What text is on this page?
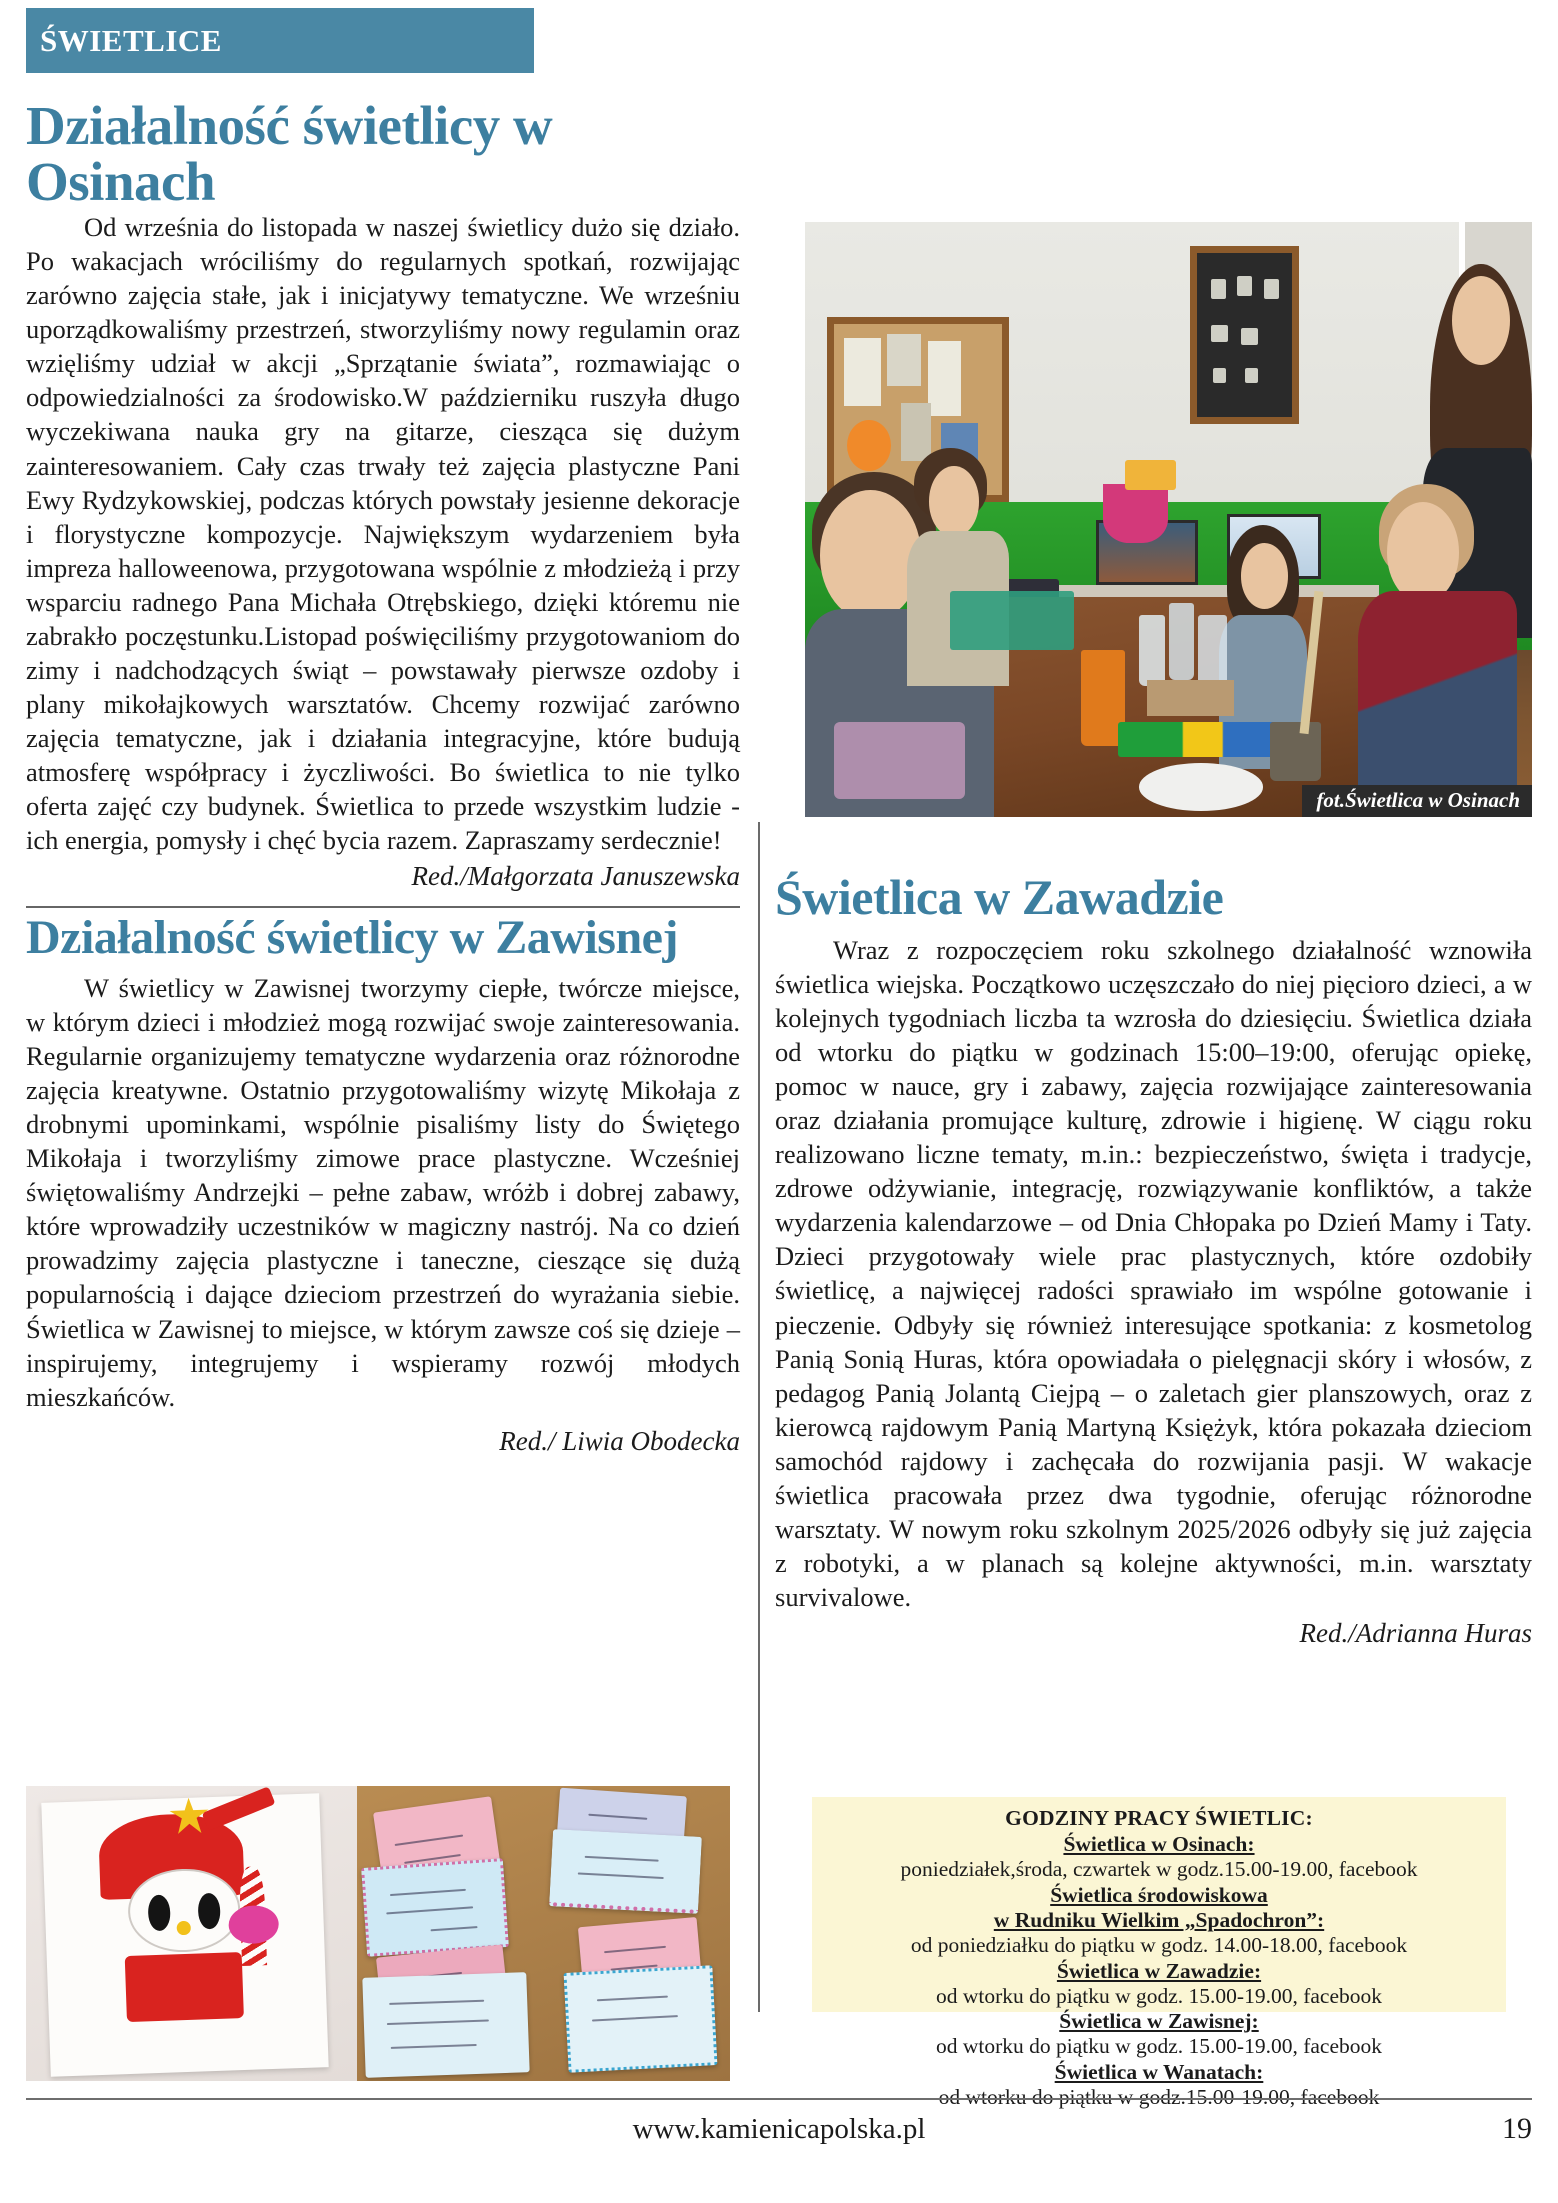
ŚWIETLICE
Działalność świetlicy w Osinach
Od września do listopada w naszej świetlicy dużo się działo. Po wakacjach wróciliśmy do regularnych spotkań, rozwijając zarówno zajęcia stałe, jak i inicjatywy tematyczne. We wrześniu uporządkowaliśmy przestrzeń, stworzyliśmy nowy regulamin oraz wzięliśmy udział w akcji „Sprzątanie świata”, rozmawiając o odpowiedzialności za środowisko.W październiku ruszyła długo wyczekiwana nauka gry na gitarze, ciesząca się dużym zainteresowaniem. Cały czas trwały też zajęcia plastyczne Pani Ewy Rydzykowskiej, podczas których powstały jesienne dekoracje i florystyczne kompozycje. Największym wydarzeniem była impreza halloweenowa, przygotowana wspólnie z młodzieżą i przy wsparciu radnego Pana Michała Otrębskiego, dzięki któremu nie zabrakło poczęstunku.Listopad poświęciliśmy przygotowaniom do zimy i nadchodzących świąt – powstawały pierwsze ozdoby i plany mikołajkowych warsztatów. Chcemy rozwijać zarówno zajęcia tematyczne, jak i działania integracyjne, które budują atmosferę współpracy i życzliwości. Bo świetlica to nie tylko oferta zajęć czy budynek. Świetlica to przede wszystkim ludzie - ich energia, pomysły i chęć bycia razem. Zapraszamy serdecznie!
Red./Małgorzata Januszewska
Działalność świetlicy w Zawisnej
W świetlicy w Zawisnej tworzymy ciepłe, twórcze miejsce, w którym dzieci i młodzież mogą rozwijać swoje zainteresowania. Regularnie organizujemy tematyczne wydarzenia oraz różnorodne zajęcia kreatywne. Ostatnio przygotowaliśmy wizytę Mikołaja z drobnymi upominkami, wspólnie pisaliśmy listy do Świętego Mikołaja i tworzyliśmy zimowe prace plastyczne. Wcześniej świętowaliśmy Andrzejki – pełne zabaw, wróżb i dobrej zabawy, które wprowadziły uczestników w magiczny nastrój. Na co dzień prowadzimy zajęcia plastyczne i taneczne, cieszące się dużą popularnością i dające dzieciom przestrzeń do wyrażania siebie. Świetlica w Zawisnej to miejsce, w którym zawsze coś się dzieje – inspirujemy, integrujemy i wspieramy rozwój młodych mieszkańców.
Red./ Liwia Obodecka
Świetlica w Zawadzie
Wraz z rozpoczęciem roku szkolnego działalność wznowiła świetlica wiejska. Początkowo uczęszczało do niej pięcioro dzieci, a w kolejnych tygodniach liczba ta wzrosła do dziesięciu. Świetlica działa od wtorku do piątku w godzinach 15:00–19:00, oferując opiekę, pomoc w nauce, gry i zabawy, zajęcia rozwijające zainteresowania oraz działania promujące kulturę, zdrowie i higienę. W ciągu roku realizowano liczne tematy, m.in.: bezpieczeństwo, święta i tradycje, zdrowe odżywianie, integrację, rozwiązywanie konfliktów, a także wydarzenia kalendarzowe – od Dnia Chłopaka po Dzień Mamy i Taty. Dzieci przygotowały wiele prac plastycznych, które ozdobiły świetlicę, a najwięcej radości sprawiało im wspólne gotowanie i pieczenie. Odbyły się również interesujące spotkania: z kosmetolog Panią Sonią Huras, która opowiadała o pielęgnacji skóry i włosów, z pedagog Panią Jolantą Ciejpą – o zaletach gier planszowych, oraz z kierowcą rajdowym Panią Martyną Księżyk, która pokazała dzieciom samochód rajdowy i zachęcała do rozwijania pasji. W wakacje świetlica pracowała przez dwa tygodnie, oferując różnorodne warsztaty. W nowym roku szkolnym 2025/2026 odbyły się już zajęcia z robotyki, a w planach są kolejne aktywności, m.in. warsztaty survivalowe.
Red./Adrianna Huras
fot.Świetlica w Osinach
GODZINY PRACY ŚWIETLIC:
Świetlica w Osinach:
poniedziałek,środa, czwartek w godz.15.00-19.00, facebook
Świetlica środowiskowa
w Rudniku Wielkim „Spadochron”:
od poniedziałku do piątku w godz. 14.00-18.00, facebook
Świetlica w Zawadzie:
od wtorku do piątku w godz. 15.00-19.00, facebook
Świetlica w Zawisnej:
od wtorku do piątku w godz. 15.00-19.00, facebook
Świetlica w Wanatach:
od wtorku do piątku w godz.15.00-19.00, facebook
www.kamienicapolska.pl	19
